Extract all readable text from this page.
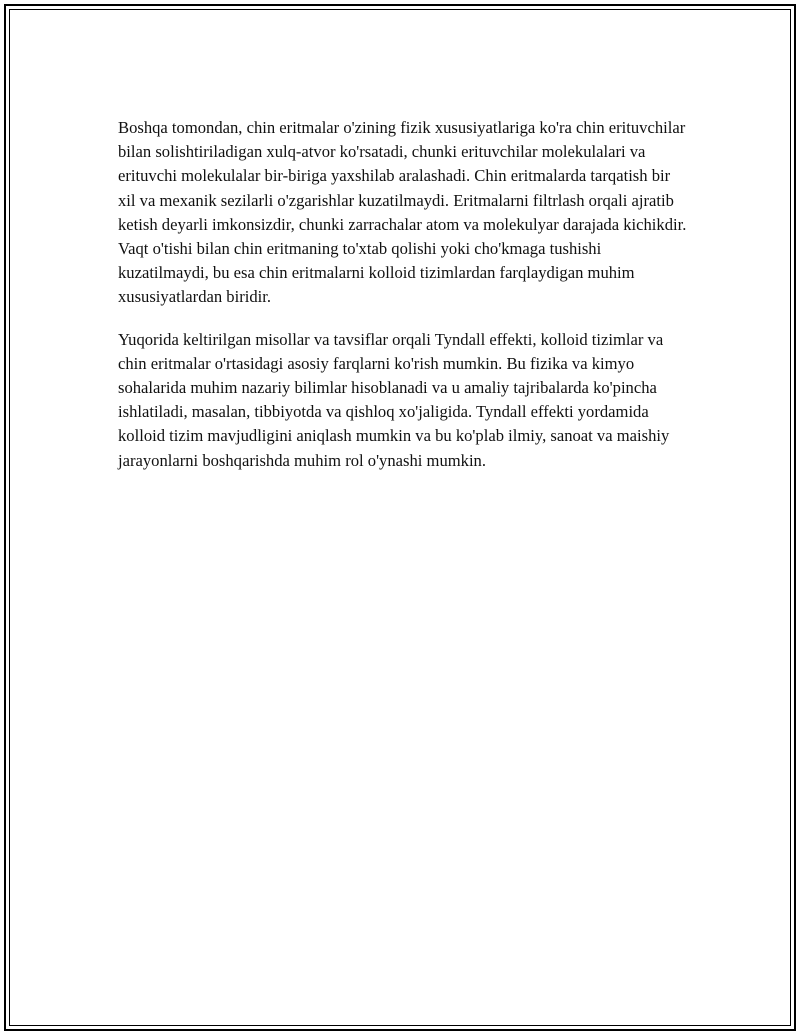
Boshqa tomondan, chin eritmalar o'zining fizik xususiyatlariga ko'ra chin erituvchilar bilan solishtiriladigan xulq-atvor ko'rsatadi, chunki erituvchilar molekulalari va erituvchi molekulalar bir-biriga yaxshilab aralashadi. Chin eritmalarda tarqatish bir xil va mexanik sezilarli o'zgarishlar kuzatilmaydi. Eritmalarni filtrlash orqali ajratib ketish deyarli imkonsizdir, chunki zarrachalar atom va molekulyar darajada kichikdir. Vaqt o'tishi bilan chin eritmaning to'xtab qolishi yoki cho'kmaga tushishi kuzatilmaydi, bu esa chin eritmalarni kolloid tizimlardan farqlaydigan muhim xususiyatlardan biridir.

Yuqorida keltirilgan misollar va tavsiflar orqali Tyndall effekti, kolloid tizimlar va chin eritmalar o'rtasidagi asosiy farqlarni ko'rish mumkin. Bu fizika va kimyo sohalarida muhim nazariy bilimlar hisoblanadi va u amaliy tajribalarda ko'pincha ishlatiladi, masalan, tibbiyotda va qishloq xo'jaligida. Tyndall effekti yordamida kolloid tizim mavjudligini aniqlash mumkin va bu ko'plab ilmiy, sanoat va maishiy jarayonlarni boshqarishda muhim rol o'ynashi mumkin.
